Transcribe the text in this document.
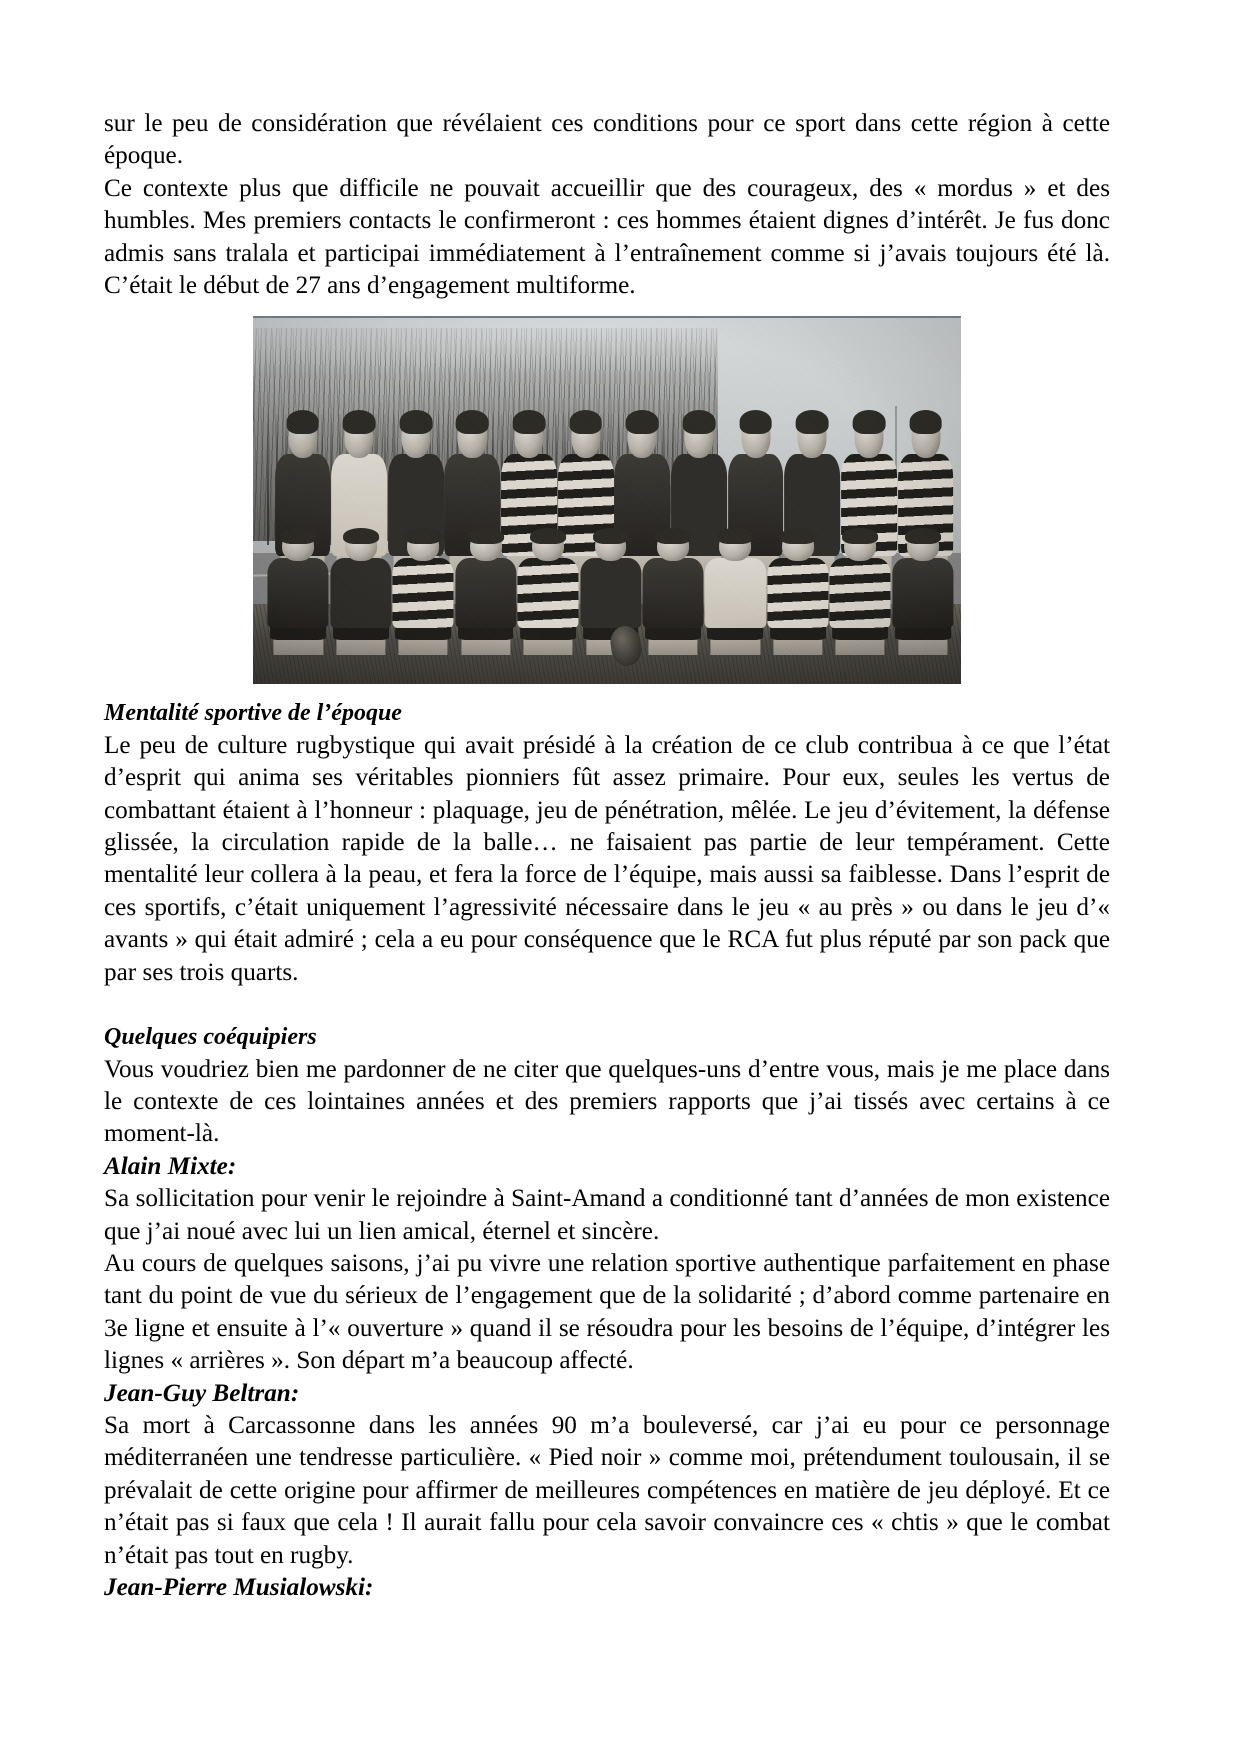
sur le peu de considération que révélaient ces conditions pour ce sport dans cette région à cette époque.

Ce contexte plus que difficile ne pouvait accueillir que des courageux, des « mordus » et des humbles. Mes premiers contacts le confirmeront : ces hommes étaient dignes d’intérêt. Je fus donc admis sans tralala et participai immédiatement à l’entraînement comme si j’avais toujours été là. C’était le début de 27 ans d’engagement multiforme.

Mentalité sportive de l’époque

Le peu de culture rugbystique qui avait présidé à la création de ce club contribua à ce que l’état d’esprit qui anima ses véritables pionniers fût assez primaire. Pour eux, seules les vertus de combattant étaient à l’honneur : plaquage, jeu de pénétration, mêlée. Le jeu d’évitement, la défense glissée, la circulation rapide de la balle… ne faisaient pas partie de leur tempérament. Cette mentalité leur collera à la peau, et fera la force de l’équipe, mais aussi sa faiblesse. Dans l’esprit de ces sportifs, c’était uniquement l’agressivité nécessaire dans le jeu « au près » ou dans le jeu d’« avants » qui était admiré ; cela a eu pour conséquence que le RCA fut plus réputé par son pack que par ses trois quarts.

Quelques coéquipiers

Vous voudriez bien me pardonner de ne citer que quelques-uns d’entre vous, mais je me place dans le contexte de ces lointaines années et des premiers rapports que j’ai tissés avec certains à ce moment-là.

Alain Mixte:

Sa sollicitation pour venir le rejoindre à Saint-Amand a conditionné tant d’années de mon existence que j’ai noué avec lui un lien amical, éternel et sincère.

Au cours de quelques saisons, j’ai pu vivre une relation sportive authentique parfaitement en phase tant du point de vue du sérieux de l’engagement que de la solidarité ; d’abord comme partenaire en 3e ligne et ensuite à l’« ouverture » quand il se résoudra pour les besoins de l’équipe, d’intégrer les lignes « arrières ». Son départ m’a beaucoup affecté.

Jean-Guy Beltran:

Sa mort à Carcassonne dans les années 90 m’a bouleversé, car j’ai eu pour ce personnage méditerranéen une tendresse particulière. « Pied noir » comme moi, prétendument toulousain, il se prévalait de cette origine pour affirmer de meilleures compétences en matière de jeu déployé. Et ce n’était pas si faux que cela ! Il aurait fallu pour cela savoir convaincre ces « chtis » que le combat n’était pas tout en rugby.

Jean-Pierre Musialowski:
